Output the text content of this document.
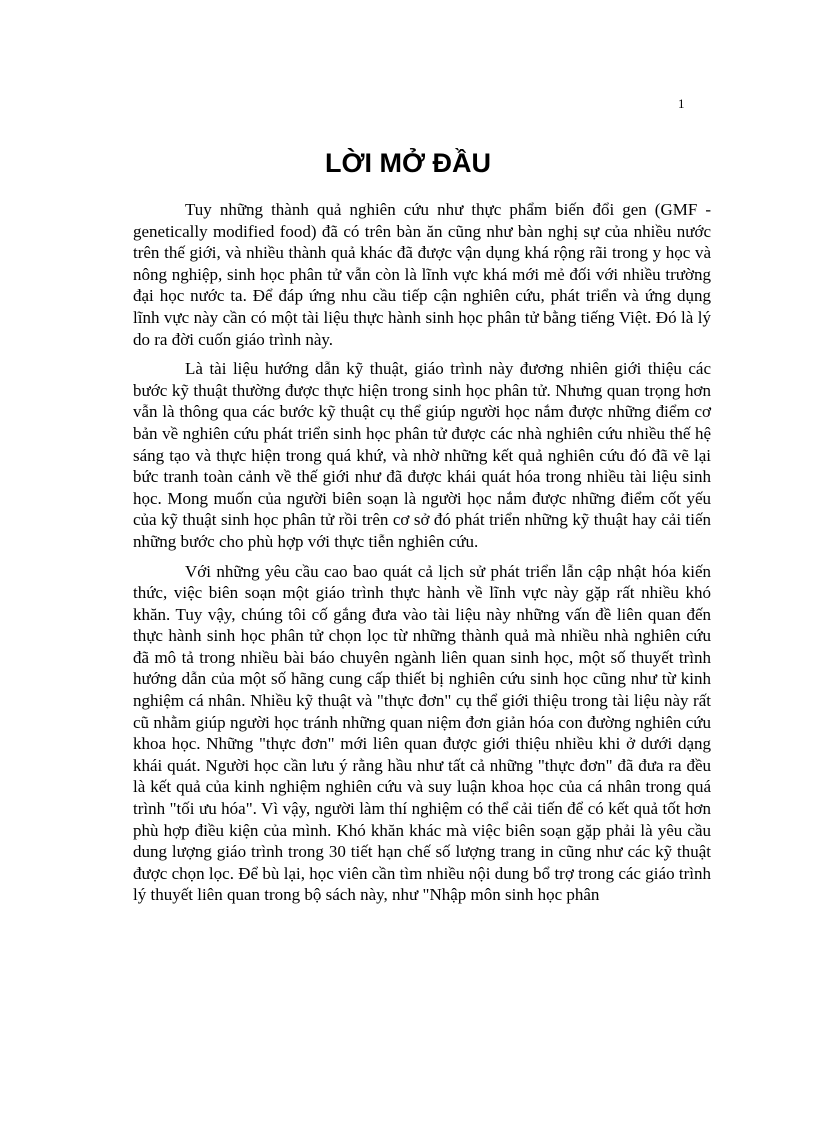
1
LỜI MỞ ĐẦU

Tuy những thành quả nghiên cứu như thực phẩm biến đổi gen (GMF - genetically modified food) đã có trên bàn ăn cũng như bàn nghị sự của nhiều nước trên thế giới, và nhiều thành quả khác đã được vận dụng khá rộng rãi trong y học và nông nghiệp, sinh học phân tử vẫn còn là lĩnh vực khá mới mẻ đối với nhiều trường đại học nước ta. Để đáp ứng nhu cầu tiếp cận nghiên cứu, phát triển và ứng dụng lĩnh vực này cần có một tài liệu thực hành sinh học phân tử bằng tiếng Việt. Đó là lý do ra đời cuốn giáo trình này.

Là tài liệu hướng dẫn kỹ thuật, giáo trình này đương nhiên giới thiệu các bước kỹ thuật thường được thực hiện trong sinh học phân tử. Nhưng quan trọng hơn vẫn là thông qua các bước kỹ thuật cụ thể giúp người học nắm được những điểm cơ bản về nghiên cứu phát triển sinh học phân tử được các nhà nghiên cứu nhiều thế hệ sáng tạo và thực hiện trong quá khứ, và nhờ những kết quả nghiên cứu đó đã vẽ lại bức tranh toàn cảnh về thế giới như đã được khái quát hóa trong nhiều tài liệu sinh học. Mong muốn của người biên soạn là người học nắm được những điểm cốt yếu của kỹ thuật sinh học phân tử rồi trên cơ sở đó phát triển những kỹ thuật hay cải tiến những bước cho phù hợp với thực tiễn nghiên cứu.

Với những yêu cầu cao bao quát cả lịch sử phát triển lẫn cập nhật hóa kiến thức, việc biên soạn một giáo trình thực hành về lĩnh vực này gặp rất nhiều khó khăn. Tuy vậy, chúng tôi cố gắng đưa vào tài liệu này những vấn đề liên quan đến thực hành sinh học phân tử chọn lọc từ những thành quả mà nhiều nhà nghiên cứu đã mô tả trong nhiều bài báo chuyên ngành liên quan sinh học, một số thuyết trình hướng dẫn của một số hãng cung cấp thiết bị nghiên cứu sinh học cũng như từ kinh nghiệm cá nhân. Nhiều kỹ thuật và "thực đơn" cụ thể giới thiệu trong tài liệu này rất cũ nhằm giúp người học tránh những quan niệm đơn giản hóa con đường nghiên cứu khoa học. Những "thực đơn" mới liên quan được giới thiệu nhiều khi ở dưới dạng khái quát. Người học cần lưu ý rằng hầu như tất cả những "thực đơn" đã đưa ra đều là kết quả của kinh nghiệm nghiên cứu và suy luận khoa học của cá nhân trong quá trình "tối ưu hóa". Vì vậy, người làm thí nghiệm có thể cải tiến để có kết quả tốt hơn phù hợp điều kiện của mình. Khó khăn khác mà việc biên soạn gặp phải là yêu cầu dung lượng giáo trình trong 30 tiết hạn chế số lượng trang in cũng như các kỹ thuật được chọn lọc. Để bù lại, học viên cần tìm nhiều nội dung bổ trợ trong các giáo trình lý thuyết liên quan trong bộ sách này, như "Nhập môn sinh học phân
